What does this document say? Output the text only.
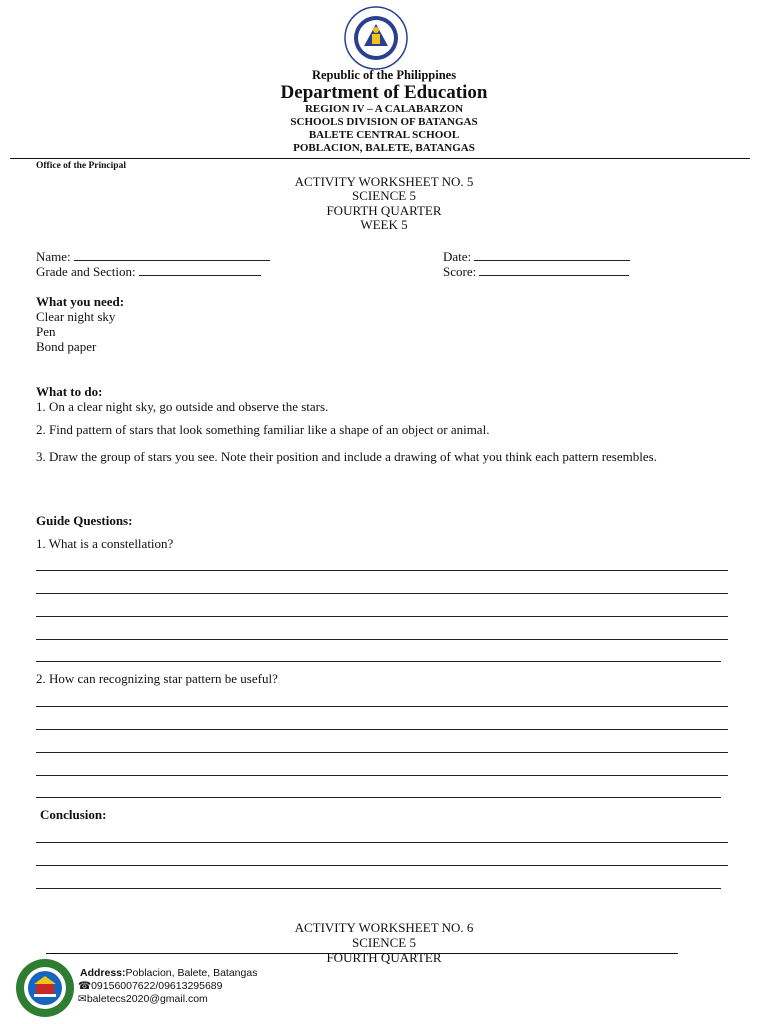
Republic of the Philippines
Department of Education
REGION IV – A CALABARZON
SCHOOLS DIVISION OF BATANGAS
BALETE CENTRAL SCHOOL
POBLACION, BALETE, BATANGAS
Office of the Principal
ACTIVITY WORKSHEET NO. 5
SCIENCE 5
FOURTH QUARTER
WEEK 5
Name:	Date:
Grade and Section:	Score:
What you need:
Clear night sky
Pen
Bond paper
What to do:
1. On a clear night sky, go outside and observe the stars.
2. Find pattern of stars that look something familiar like a shape of an object or animal.
3. Draw the group of stars you see. Note their position and include a drawing of what you think each pattern resembles.
Guide Questions:
1. What is a constellation?
2. How can recognizing star pattern be useful?
Conclusion:
ACTIVITY WORKSHEET NO. 6
SCIENCE 5
FOURTH QUARTER
Address:Poblacion, Balete, Batangas
☎09156007622/09613295689
✉baletecs2020@gmail.com
